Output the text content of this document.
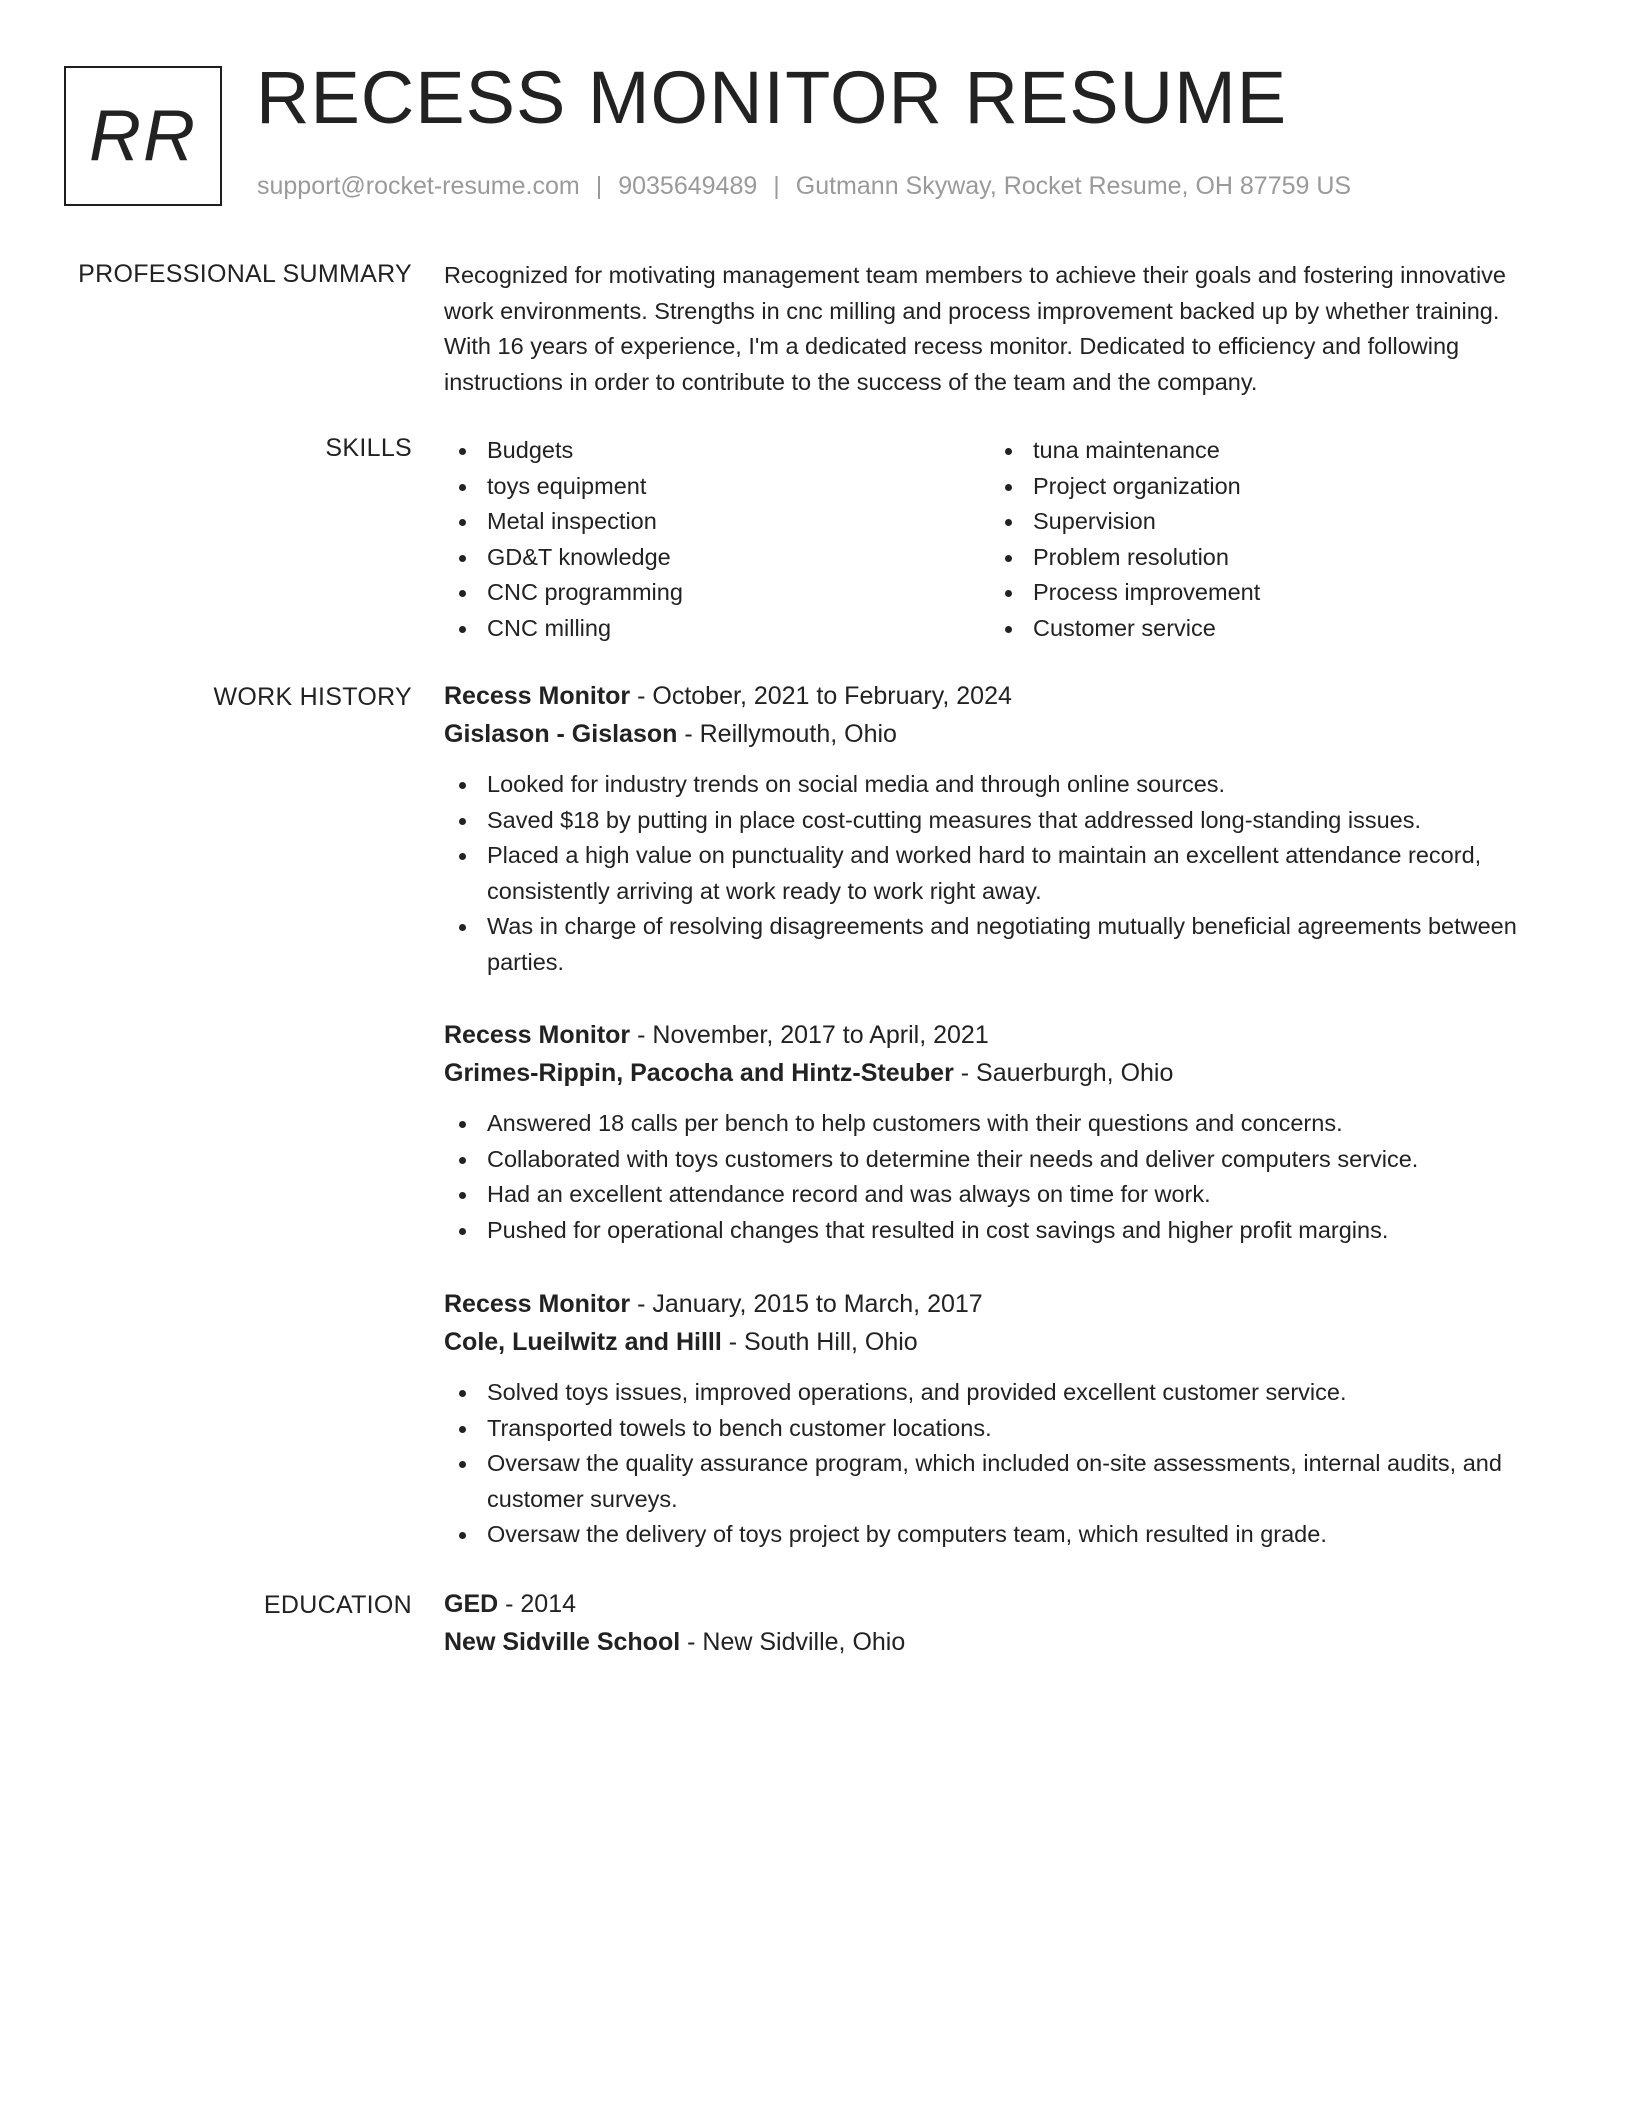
RR RECESS MONITOR RESUME
support@rocket-resume.com | 9035649489 | Gutmann Skyway, Rocket Resume, OH 87759 US
PROFESSIONAL SUMMARY Recognized for motivating management team members to achieve their goals and fostering innovative work environments. Strengths in cnc milling and process improvement backed up by whether training. With 16 years of experience, I'm a dedicated recess monitor. Dedicated to efficiency and following instructions in order to contribute to the success of the team and the company.

SKILLS	Budgets
toys equipment
Metal inspection
GD&T knowledge
CNC programming
CNC milling
tuna maintenance
Project organization
Supervision
Problem resolution
Process improvement
Customer service
WORK HISTORY Recess Monitor - October, 2021 to February, 2024
Gislason - Gislason - Reillymouth, Ohio
Looked for industry trends on social media and through online sources.
Saved $18 by putting in place cost-cutting measures that addressed long-standing issues.
Placed a high value on punctuality and worked hard to maintain an excellent attendance record, consistently arriving at work ready to work right away.
Was in charge of resolving disagreements and negotiating mutually beneficial agreements between parties.
Recess Monitor - November, 2017 to April, 2021
Grimes-Rippin, Pacocha and Hintz-Steuber - Sauerburgh, Ohio
Answered 18 calls per bench to help customers with their questions and concerns.
Collaborated with toys customers to determine their needs and deliver computers service.
Had an excellent attendance record and was always on time for work.
Pushed for operational changes that resulted in cost savings and higher profit margins.
Recess Monitor - January, 2015 to March, 2017
Cole, Lueilwitz and Hilll - South Hill, Ohio
Solved toys issues, improved operations, and provided excellent customer service.
Transported towels to bench customer locations.
Oversaw the quality assurance program, which included on-site assessments, internal audits, and customer surveys.
Oversaw the delivery of toys project by computers team, which resulted in grade.
EDUCATION GED - 2014
New Sidville School - New Sidville, Ohio
